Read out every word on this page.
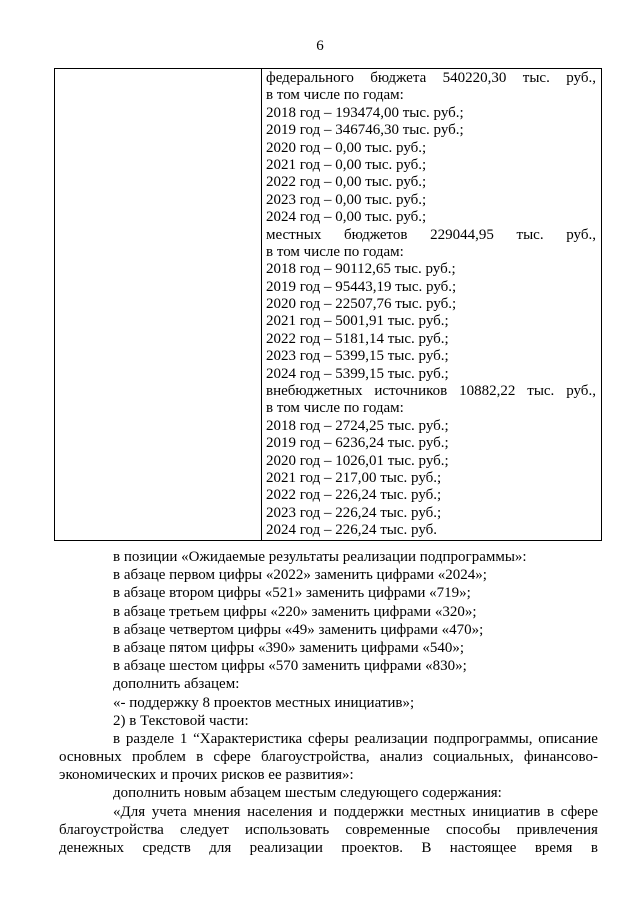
6
федерального бюджета 540220,30 тыс. руб.,
в том числе по годам:
2018 год – 193474,00 тыс. руб.;
2019 год – 346746,30 тыс. руб.;
2020 год – 0,00 тыс. руб.;
2021 год – 0,00 тыс. руб.;
2022 год – 0,00 тыс. руб.;
2023 год – 0,00 тыс. руб.;
2024 год – 0,00 тыс. руб.;
местных бюджетов 229044,95 тыс. руб.,
в том числе по годам:
2018 год – 90112,65 тыс. руб.;
2019 год – 95443,19 тыс. руб.;
2020 год – 22507,76 тыс. руб.;
2021 год – 5001,91 тыс. руб.;
2022 год – 5181,14 тыс. руб.;
2023 год – 5399,15 тыс. руб.;
2024 год – 5399,15 тыс. руб.;
внебюджетных источников 10882,22 тыс. руб.,
в том числе по годам:
2018 год – 2724,25 тыс. руб.;
2019 год – 6236,24 тыс. руб.;
2020 год – 1026,01 тыс. руб.;
2021 год – 217,00 тыс. руб.;
2022 год – 226,24 тыс. руб.;
2023 год – 226,24 тыс. руб.;
2024 год – 226,24 тыс. руб.
в позиции «Ожидаемые результаты реализации подпрограммы»:
в абзаце первом цифры «2022» заменить цифрами «2024»;
в абзаце втором цифры «521» заменить цифрами «719»;
в абзаце третьем цифры «220» заменить цифрами «320»;
в абзаце четвертом цифры «49» заменить цифрами «470»;
в абзаце пятом цифры «390» заменить цифрами «540»;
в абзаце шестом цифры «570 заменить цифрами «830»;
дополнить абзацем:
«- поддержку 8 проектов местных инициатив»;
2) в Текстовой части:
в разделе 1 “Характеристика сферы реализации подпрограммы, описание
основных проблем в сфере благоустройства, анализ социальных, финансово-
экономических и прочих рисков ее развития»:
дополнить новым абзацем шестым следующего содержания:
«Для учета мнения населения и поддержки местных инициатив в сфере
благоустройства следует использовать современные способы привлечения
денежных средств для реализации проектов. В настоящее время в
